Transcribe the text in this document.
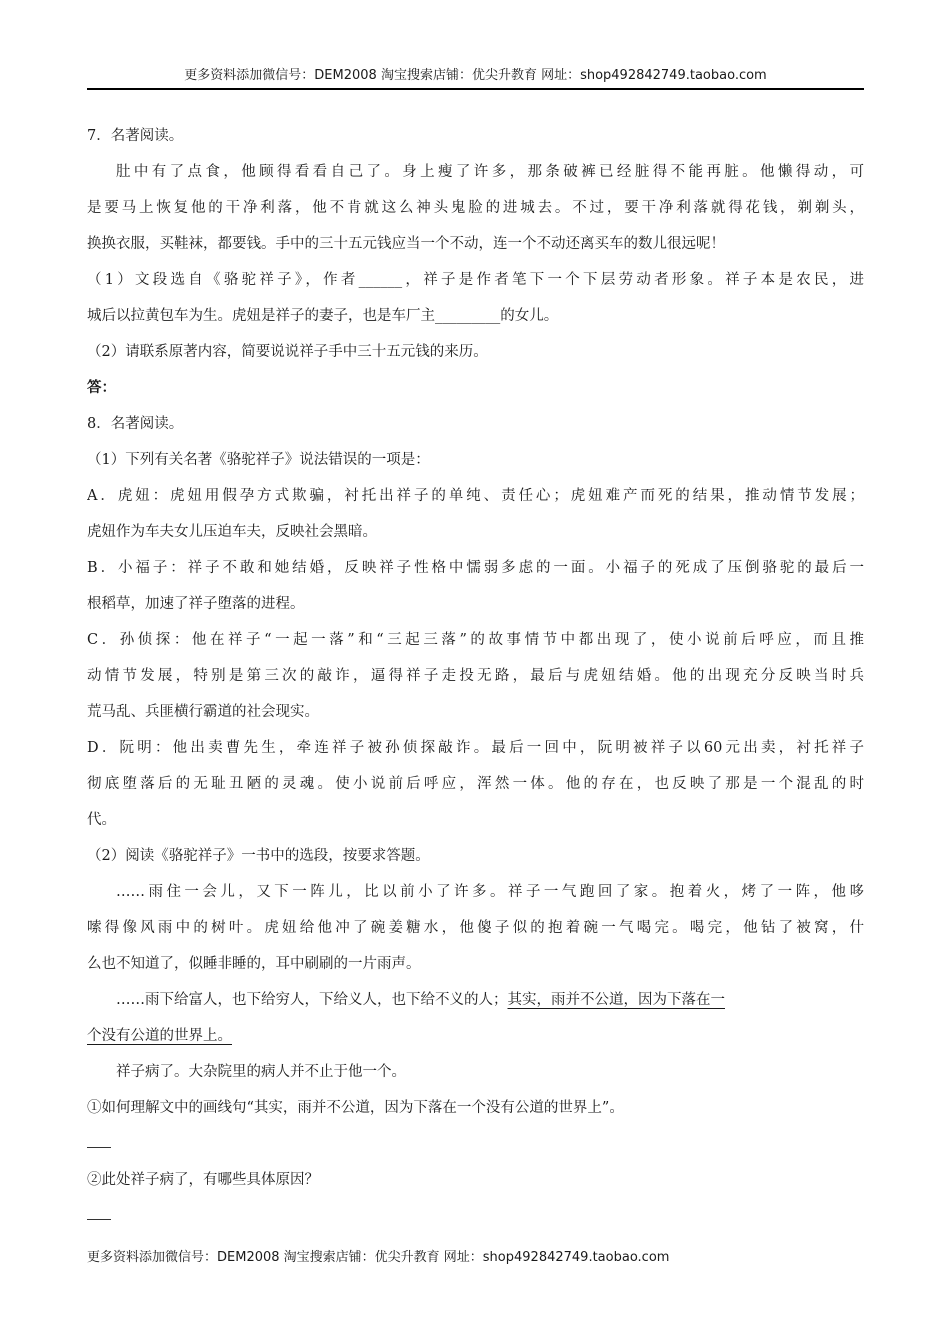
更多资料添加微信号：DEM2008 淘宝搜索店铺：优尖升教育 网址：shop492842749.taobao.com

7．名著阅读。

肚中有了点食，他顾得看看自己了。身上瘦了许多，那条破裤已经脏得不能再脏。他懒得动，可

是要马上恢复他的干净利落，他不肯就这么神头鬼脸的进城去。不过，要干净利落就得花钱，剃剃头，

换换衣服，买鞋袜，都要钱。手中的三十五元钱应当一个不动，连一个不动还离买车的数儿很远呢！

（1）文段选自《骆驼祥子》，作者______，祥子是作者笔下一个下层劳动者形象。祥子本是农民，进

城后以拉黄包车为生。虎妞是祥子的妻子，也是车厂主_________的女儿。

（2）请联系原著内容，简要说说祥子手中三十五元钱的来历。

答：

8．名著阅读。

（1）下列有关名著《骆驼祥子》说法错误的一项是：

A．虎妞：虎妞用假孕方式欺骗，衬托出祥子的单纯、责任心；虎妞难产而死的结果，推动情节发展；

虎妞作为车夫女儿压迫车夫，反映社会黑暗。

B．小福子：祥子不敢和她结婚，反映祥子性格中懦弱多虑的一面。小福子的死成了压倒骆驼的最后一

根稻草，加速了祥子堕落的进程。

C．孙侦探：他在祥子“一起一落”和“三起三落”的故事情节中都出现了，使小说前后呼应，而且推

动情节发展，特别是第三次的敲诈，逼得祥子走投无路，最后与虎妞结婚。他的出现充分反映当时兵

荒马乱、兵匪横行霸道的社会现实。

D．阮明：他出卖曹先生，牵连祥子被孙侦探敲诈。最后一回中，阮明被祥子以60元出卖，衬托祥子

彻底堕落后的无耻丑陋的灵魂。使小说前后呼应，浑然一体。他的存在，也反映了那是一个混乱的时

代。

（2）阅读《骆驼祥子》一书中的选段，按要求答题。

……雨住一会儿，又下一阵儿，比以前小了许多。祥子一气跑回了家。抱着火，烤了一阵，他哆

嗦得像风雨中的树叶。虎妞给他冲了碗姜糖水，他傻子似的抱着碗一气喝完。喝完，他钻了被窝，什

么也不知道了，似睡非睡的，耳中刷刷的一片雨声。

……雨下给富人，也下给穷人，下给义人，也下给不义的人；其实，雨并不公道，因为下落在一

个没有公道的世界上。

祥子病了。大杂院里的病人并不止于他一个。

①如何理解文中的画线句“其实，雨并不公道，因为下落在一个没有公道的世界上”。

②此处祥子病了，有哪些具体原因？

更多资料添加微信号：DEM2008 淘宝搜索店铺：优尖升教育 网址：shop492842749.taobao.com
